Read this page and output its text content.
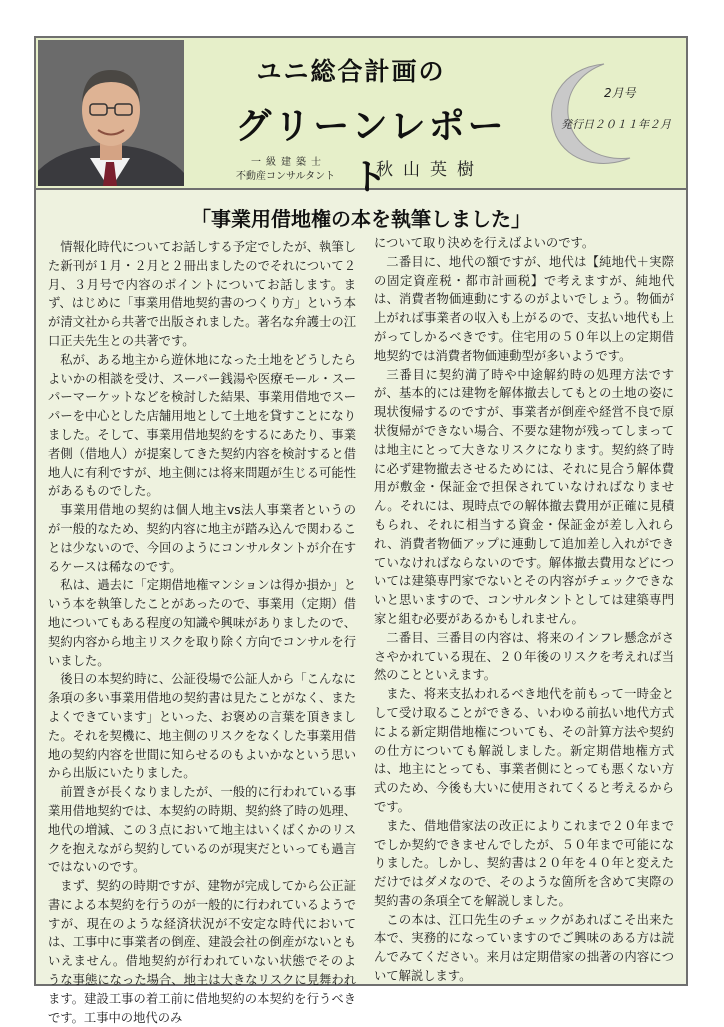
ユニ総合計画の
グリーンレポート
2月号
発行日２０１１年２月
一級建築士
不動産コンサルタント 秋山英樹
「事業用借地権の本を執筆しました」

情報化時代についてお話しする予定でしたが、執筆した新刊が１月・２月と２冊出ましたのでそれについて２月、３月号で内容のポイントについてお話します。まず、はじめに「事業用借地契約書のつくり方」という本が清文社から共著で出版されました。著名な弁護士の江口正夫先生との共著です。

私が、ある地主から遊休地になった土地をどうしたらよいかの相談を受け、スーパー銭湯や医療モール・スーパーマーケットなどを検討した結果、事業用借地でスーパーを中心とした店舗用地として土地を貸すことになりました。そして、事業用借地契約をするにあたり、事業者側（借地人）が提案してきた契約内容を検討すると借地人に有利ですが、地主側には将来問題が生じる可能性があるものでした。

事業用借地の契約は個人地主vs法人事業者というのが一般的なため、契約内容に地主が踏み込んで関わることは少ないので、今回のようにコンサルタントが介在するケースは稀なのです。

私は、過去に「定期借地権マンションは得か損か」という本を執筆したことがあったので、事業用（定期）借地についてもある程度の知識や興味がありましたので、契約内容から地主リスクを取り除く方向でコンサルを行いました。

後日の本契約時に、公証役場で公証人から「こんなに条項の多い事業用借地の契約書は見たことがなく、またよくできています」といった、お褒めの言葉を頂きました。それを契機に、地主側のリスクをなくした事業用借地の契約内容を世間に知らせるのもよいかなという思いから出版にいたりました。

前置きが長くなりましたが、一般的に行われている事業用借地契約では、本契約の時期、契約終了時の処理、地代の増減、この３点において地主はいくばくかのリスクを抱えながら契約しているのが現実だといっても過言ではないのです。

まず、契約の時期ですが、建物が完成してから公正証書による本契約を行うのが一般的に行われているようですが、現在のような経済状況が不安定な時代においては、工事中に事業者の倒産、建設会社の倒産がないともいえません。借地契約が行われていない状態でそのような事態になった場合、地主は大きなリスクに見舞われます。建設工事の着工前に借地契約の本契約を行うべきです。工事中の地代のみ

について取り決めを行えばよいのです。

二番目に、地代の額ですが、地代は【純地代＋実際の固定資産税・都市計画税】で考えますが、純地代は、消費者物価連動にするのがよいでしょう。物価が上がれば事業者の収入も上がるので、支払い地代も上がってしかるべきです。住宅用の５０年以上の定期借地契約では消費者物価連動型が多いようです。

三番目に契約満了時や中途解約時の処理方法ですが、基本的には建物を解体撤去してもとの土地の姿に現状復帰するのですが、事業者が倒産や経営不良で原状復帰ができない場合、不要な建物が残ってしまっては地主にとって大きなリスクになります。契約終了時に必ず建物撤去させるためには、それに見合う解体費用が敷金・保証金で担保されていなければなりません。それには、現時点での解体撤去費用が正確に見積もられ、それに相当する資金・保証金が差し入れられ、消費者物価アップに連動して追加差し入れができていなければならないのです。解体撤去費用などについては建築専門家でないとその内容がチェックできないと思いますので、コンサルタントとしては建築専門家と組む必要があるかもしれません。

二番目、三番目の内容は、将来のインフレ懸念がささやかれている現在、２０年後のリスクを考えれば当然のことといえます。

また、将来支払われるべき地代を前もって一時金として受け取ることができる、いわゆる前払い地代方式による新定期借地権についても、その計算方法や契約の仕方についても解説しました。新定期借地権方式は、地主にとっても、事業者側にとっても悪くない方式のため、今後も大いに使用されてくると考えるからです。

また、借地借家法の改正によりこれまで２０年まででしか契約できませんでしたが、５０年まで可能になりました。しかし、契約書は２０年を４０年と変えただけではダメなので、そのような箇所を含めて実際の契約書の条項全てを解説しました。

この本は、江口先生のチェックがあればこそ出来た本で、実務的になっていますのでご興味のある方は読んでみてください。来月は定期借家の拙著の内容について解説します。
